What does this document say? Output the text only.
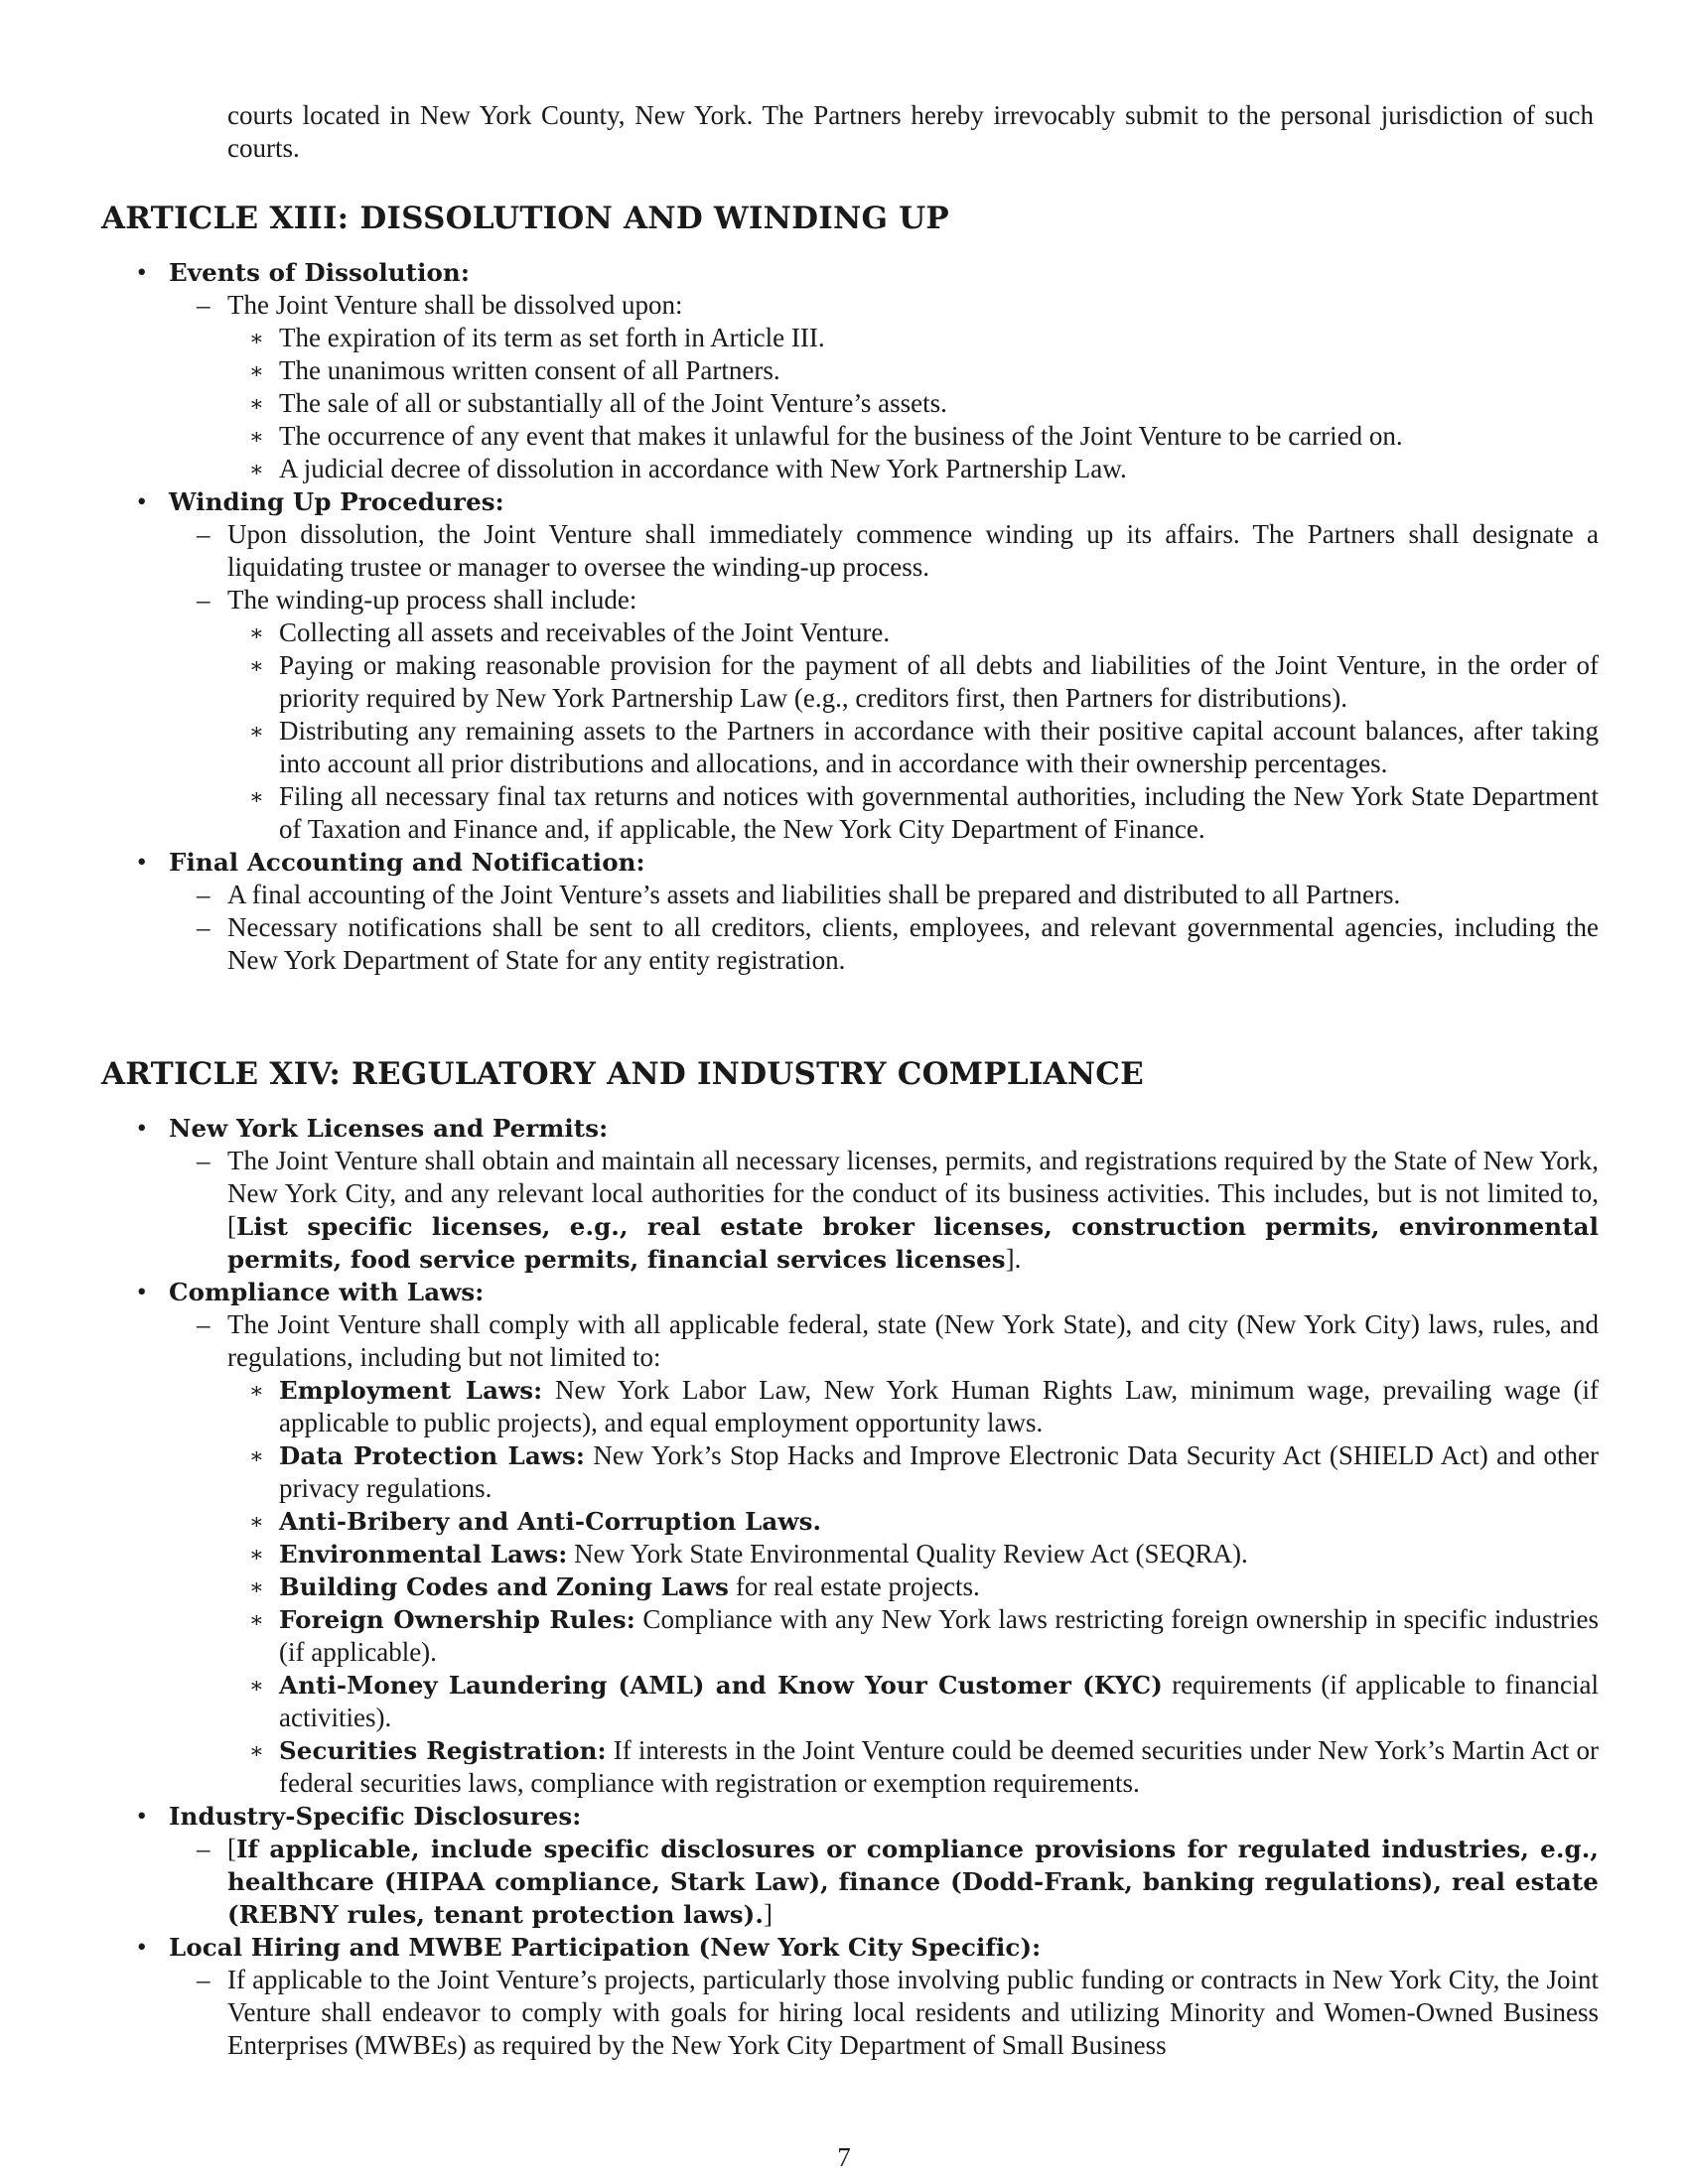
courts located in New York County, New York. The Partners hereby irrevocably submit to the personal jurisdiction of such courts.
ARTICLE XIII: DISSOLUTION AND WINDING UP
• Events of Dissolution:
– The Joint Venture shall be dissolved upon:
∗ The expiration of its term as set forth in Article III.
∗ The unanimous written consent of all Partners.
∗ The sale of all or substantially all of the Joint Venture’s assets.
∗ The occurrence of any event that makes it unlawful for the business of the Joint Venture to be carried on.
∗ A judicial decree of dissolution in accordance with New York Partnership Law.
• Winding Up Procedures:
– Upon dissolution, the Joint Venture shall immediately commence winding up its affairs. The Partners shall designate a liquidating trustee or manager to oversee the winding-up process.
– The winding-up process shall include:
∗ Collecting all assets and receivables of the Joint Venture.
∗ Paying or making reasonable provision for the payment of all debts and liabilities of the Joint Venture, in the order of priority required by New York Partnership Law (e.g., creditors first, then Partners for distributions).
∗ Distributing any remaining assets to the Partners in accordance with their positive capital account balances, after taking into account all prior distributions and allocations, and in accordance with their ownership percentages.
∗ Filing all necessary final tax returns and notices with governmental authorities, including the New York State Department of Taxation and Finance and, if applicable, the New York City Department of Finance.
• Final Accounting and Notification:
– A final accounting of the Joint Venture’s assets and liabilities shall be prepared and distributed to all Partners.
– Necessary notifications shall be sent to all creditors, clients, employees, and relevant governmental agencies, including the New York Department of State for any entity registration.
ARTICLE XIV: REGULATORY AND INDUSTRY COMPLIANCE
• New York Licenses and Permits:
– The Joint Venture shall obtain and maintain all necessary licenses, permits, and registrations required by the State of New York, New York City, and any relevant local authorities for the conduct of its business activities. This includes, but is not limited to, [List specific licenses, e.g., real estate broker licenses, construction permits, environmental permits, food service permits, financial services licenses].
• Compliance with Laws:
– The Joint Venture shall comply with all applicable federal, state (New York State), and city (New York City) laws, rules, and regulations, including but not limited to:
∗ Employment Laws: New York Labor Law, New York Human Rights Law, minimum wage, prevailing wage (if applicable to public projects), and equal employment opportunity laws.
∗ Data Protection Laws: New York’s Stop Hacks and Improve Electronic Data Security Act (SHIELD Act) and other privacy regulations.
∗ Anti-Bribery and Anti-Corruption Laws.
∗ Environmental Laws: New York State Environmental Quality Review Act (SEQRA).
∗ Building Codes and Zoning Laws for real estate projects.
∗ Foreign Ownership Rules: Compliance with any New York laws restricting foreign ownership in specific industries (if applicable).
∗ Anti-Money Laundering (AML) and Know Your Customer (KYC) requirements (if applicable to financial activities).
∗ Securities Registration: If interests in the Joint Venture could be deemed securities under New York’s Martin Act or federal securities laws, compliance with registration or exemption requirements.
• Industry-Specific Disclosures:
– [If applicable, include specific disclosures or compliance provisions for regulated industries, e.g., healthcare (HIPAA compliance, Stark Law), finance (Dodd-Frank, banking regulations), real estate (REBNY rules, tenant protection laws).]
• Local Hiring and MWBE Participation (New York City Specific):
– If applicable to the Joint Venture’s projects, particularly those involving public funding or contracts in New York City, the Joint Venture shall endeavor to comply with goals for hiring local residents and utilizing Minority and Women-Owned Business Enterprises (MWBEs) as required by the New York City Department of Small Business
7
